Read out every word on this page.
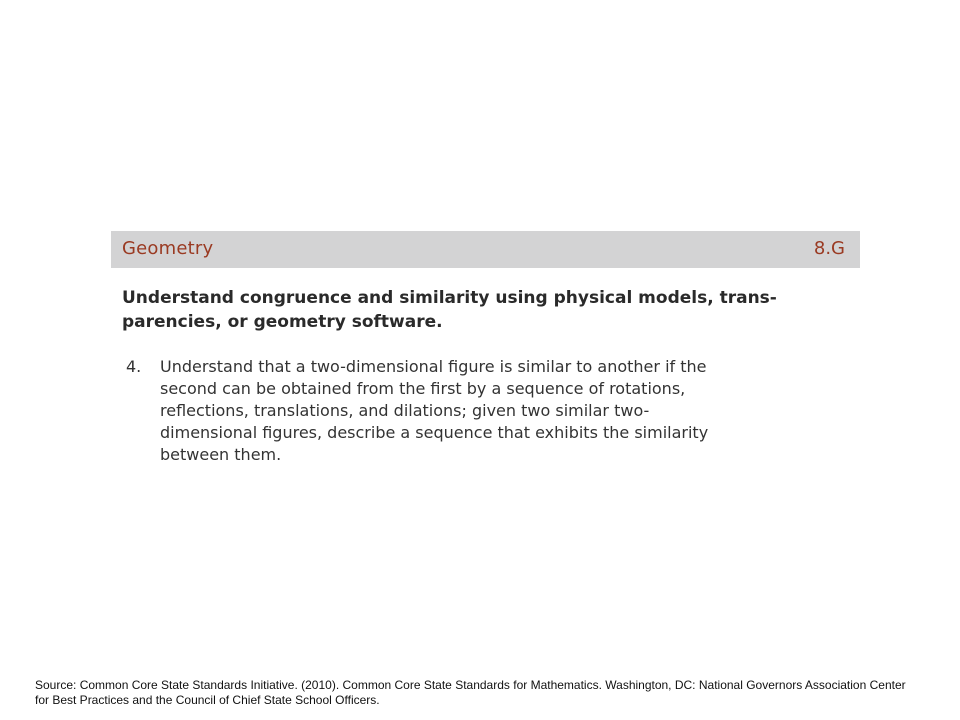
Geometry	8.G
Understand congruence and similarity using physical models, trans-
parencies, or geometry software.
4.	Understand that a two-dimensional figure is similar to another if the
second can be obtained from the first by a sequence of rotations,
reflections, translations, and dilations; given two similar two-
dimensional figures, describe a sequence that exhibits the similarity
between them.
Source: Common Core State Standards Initiative. (2010). Common Core State Standards for Mathematics. Washington, DC: National Governors Association Center for Best Practices and the Council of Chief State School Officers.
